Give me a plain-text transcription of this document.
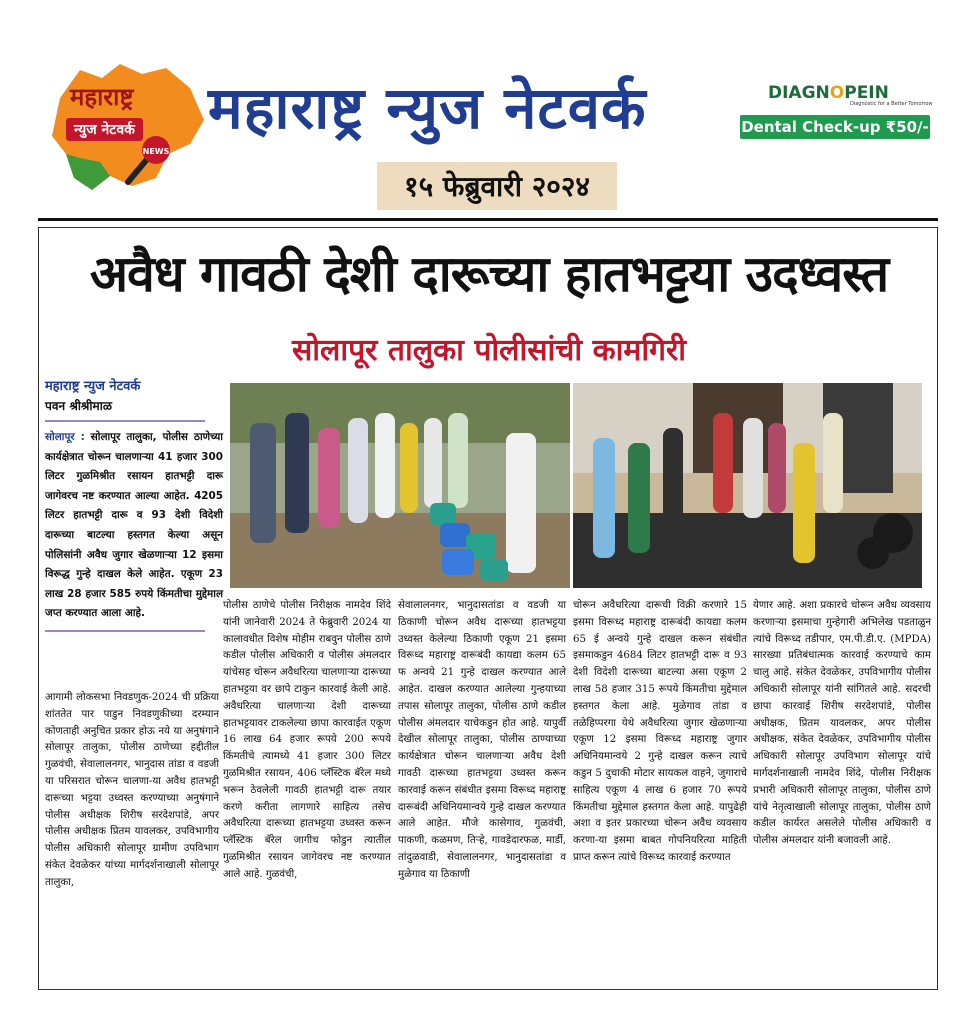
महाराष्ट्र
न्युज नेटवर्क
NEWS
महाराष्ट्र न्युज नेटवर्क
१५ फेब्रुवारी २०२४
DIAGNOPEIN
Diagnostic for a Better Tomorrow
Dental Check-up ₹50/-
अवैध गावठी देशी दारूच्या हातभट्टया उदध्वस्त
सोलापूर तालुका पोलीसांची कामगिरी
महाराष्ट्र न्युज नेटवर्क
पवन श्रीश्रीमाळ
सोलापूर : सोलापूर तालुका, पोलीस ठाणेच्या कार्यक्षेत्रात चोरून चालणाऱ्या 41 हजार 300 लिटर गुळमिश्रीत रसायन हातभट्टी दारू जागेवरच नष्ट करण्यात आल्या आहेत. 4205 लिटर हातभट्टी दारू व 93 देशी विदेशी दारूच्या बाटल्या हस्तगत केल्या असून पोलिसांनी अवैध जुगार खेळणाऱ्या 12 इसमा विरूद्ध गुन्हे दाखल केले आहेत. एकूण 23 लाख 28 हजार 585 रुपये किंमतीचा मुद्देमाल जप्त करण्यात आला आहे.
आगामी लोकसभा निवडणुक-2024 ची प्रक्रिया शांततेत पार पाडुन निवडणुकीच्या दरम्यान कोणताही अनुचित प्रकार होऊ नये या अनुषंगाने सोलापूर तालुका, पोलीस ठाणेच्या हद्दीतील गुळवंची, सेवालालनगर, भानुदास तांडा व वडजी या परिसरात चोरून चालणा-या अवैध हातभट्टी दारूच्या भट्टया उध्वस्त करण्याच्या अनुषंगाने पोलीस अधीक्षक शिरीष सरदेशपांडे, अपर पोलीस अधीक्षक प्रितम यावलकर, उपविभागीय पोलीस अधिकारी सोलापूर ग्रामीण उपविभाग संकेत देवळेकर यांच्या मार्गदर्शनाखाली सोलापूर तालुका,
पोलीस ठाणेचे पोलीस निरीक्षक नामदेव शिंदे यांनी जानेवारी 2024 ते फेब्रुवारी 2024 या कालावधीत विशेष मोहीम राबवुन पोलीस ठाणे कडील पोलीस अधिकारी व पोलीस अंमलदार यांचेसह चोरून अवैधरित्या चालणाऱ्या दारूच्या हातभट्टया वर छापे टाकुन कारवाई केली आहे. अवैधरित्या चालणाऱ्या देशी दारूच्या हातभट्टयावर टाकलेल्या छापा कारवाईत एकूण 16 लाख 64 हजार रूपये 200 रूपये किंमतीचे त्यामध्ये 41 हजार 300 लिटर गुळमिश्रीत रसायन, 406 प्लॅस्टिक बॅरेल मध्ये भरून ठेवलेली गावठी हातभट्टी दारू तयार करणे करीता लागणारे साहित्य तसेच अवैधरित्या दारूच्या हातभट्टया उध्वस्त करून प्लॅस्टिक बॅरेल जागीच फोडुन त्यातील गुळमिश्रीत रसायन जागेवरच नष्ट करण्यात आले आहे. गुळवंची,
सेवालालनगर, भानुदासतांडा व वडजी या ठिकाणी चोरून अवैध दारूच्या हातभट्टया उध्वस्त केलेल्या ठिकाणी एकूण 21 इसमा विरूध्द महाराष्ट्र दारूबंदी कायद्या कलम 65 फ अन्वये 21 गुन्हे दाखल करण्यात आले आहेत. दाखल करण्यात आलेल्या गुन्हयाच्या तपास सोलापूर तालुका, पोलीस ठाणे कडील पोलीस अंमलदार याचेकडुन होत आहे. यापुर्वी देखील सोलापूर तालुका, पोलीस ठाण्याच्या कार्यक्षेत्रात चोरून चालणाऱ्या अवैध देशी गावठी दारूच्या हातभट्टया उध्वस्त करून कारवाई करून संबंधीत इसमा विरूध्द महाराष्ट्र दारूबंदी अधिनियमान्वये गुन्हे दाखल करण्यात आले आहेत. मौजे कासेगाव, गुळवंची, पाकणी, कळमण, तिऱ्हे, गावडेदारफळ, मार्डी, तांदुळवाडी, सेवालालनगर, भानुदासतांडा व मुळेगाव या ठिकाणी
चोरून अवैधरित्या दारूची विक्री करणारे 15 इसमा विरूध्द महाराष्ट्र दारूबंदी कायद्या कलम 65 ई अन्वये गुन्हे दाखल करून संबंधीत इसमाकडुन 4684 लिटर हातभट्टी दारू व 93 देशी विदेशी दारूच्या बाटल्या असा एकूण 2 लाख 58 हजार 315 रूपये किंमतीचा मुद्देमाल हस्तगत केला आहे. मुळेगाव तांडा व तळेहिप्परगा येथे अवैधरित्या जुगार खेळणाऱ्या एकूण 12 इसमा विरूध्द महाराष्ट्र जुगार अधिनियमान्वये 2 गुन्हे दाखल करून त्याचे कडुन 5 दुचाकी मोटार सायकल वाहने, जुगाराचे साहित्य एकूण 4 लाख 6 हजार 70 रूपये किंमतीचा मुद्देमाल हस्तगत केला आहे. यापुढेही अशा व इतर प्रकारच्या चोरून अवैध व्यवसाय करणा-या इसमा बाबत गोपनियरित्या माहिती प्राप्त करून त्यांचे विरूध्द कारवाई करण्यात
येणार आहे. अशा प्रकारचे चोरून अवैध व्यवसाय करणाऱ्या इसमाचा गुन्हेगारी अभिलेख पडताळुन त्यांचे विरूध्द तडीपार, एम.पी.डी.ए. (MPDA) सारख्या प्रतिबंधात्मक कारवाई करण्याचे काम चालु आहे. संकेत देवळेकर, उपविभागीय पोलीस अधिकारी सोलापूर यांनी सांगितले आहे. सदरची छापा कारवाई शिरीष सरदेशपांडे, पोलीस अधीक्षक, प्रितम यावलकर, अपर पोलीस अधीक्षक, संकेत देवळेकर, उपविभागीय पोलीस अधिकारी सोलापूर उपविभाग सोलापूर यांचे मार्गदर्शनाखाली नामदेव शिंदे, पोलीस निरीक्षक प्रभारी अधिकारी सोलापूर तालुका, पोलीस ठाणे यांचे नेतृत्वाखाली सोलापूर तालुका, पोलीस ठाणे कडील कार्यरत असलेले पोलीस अधिकारी व पोलीस अंमलदार यांनी बजावली आहे.
